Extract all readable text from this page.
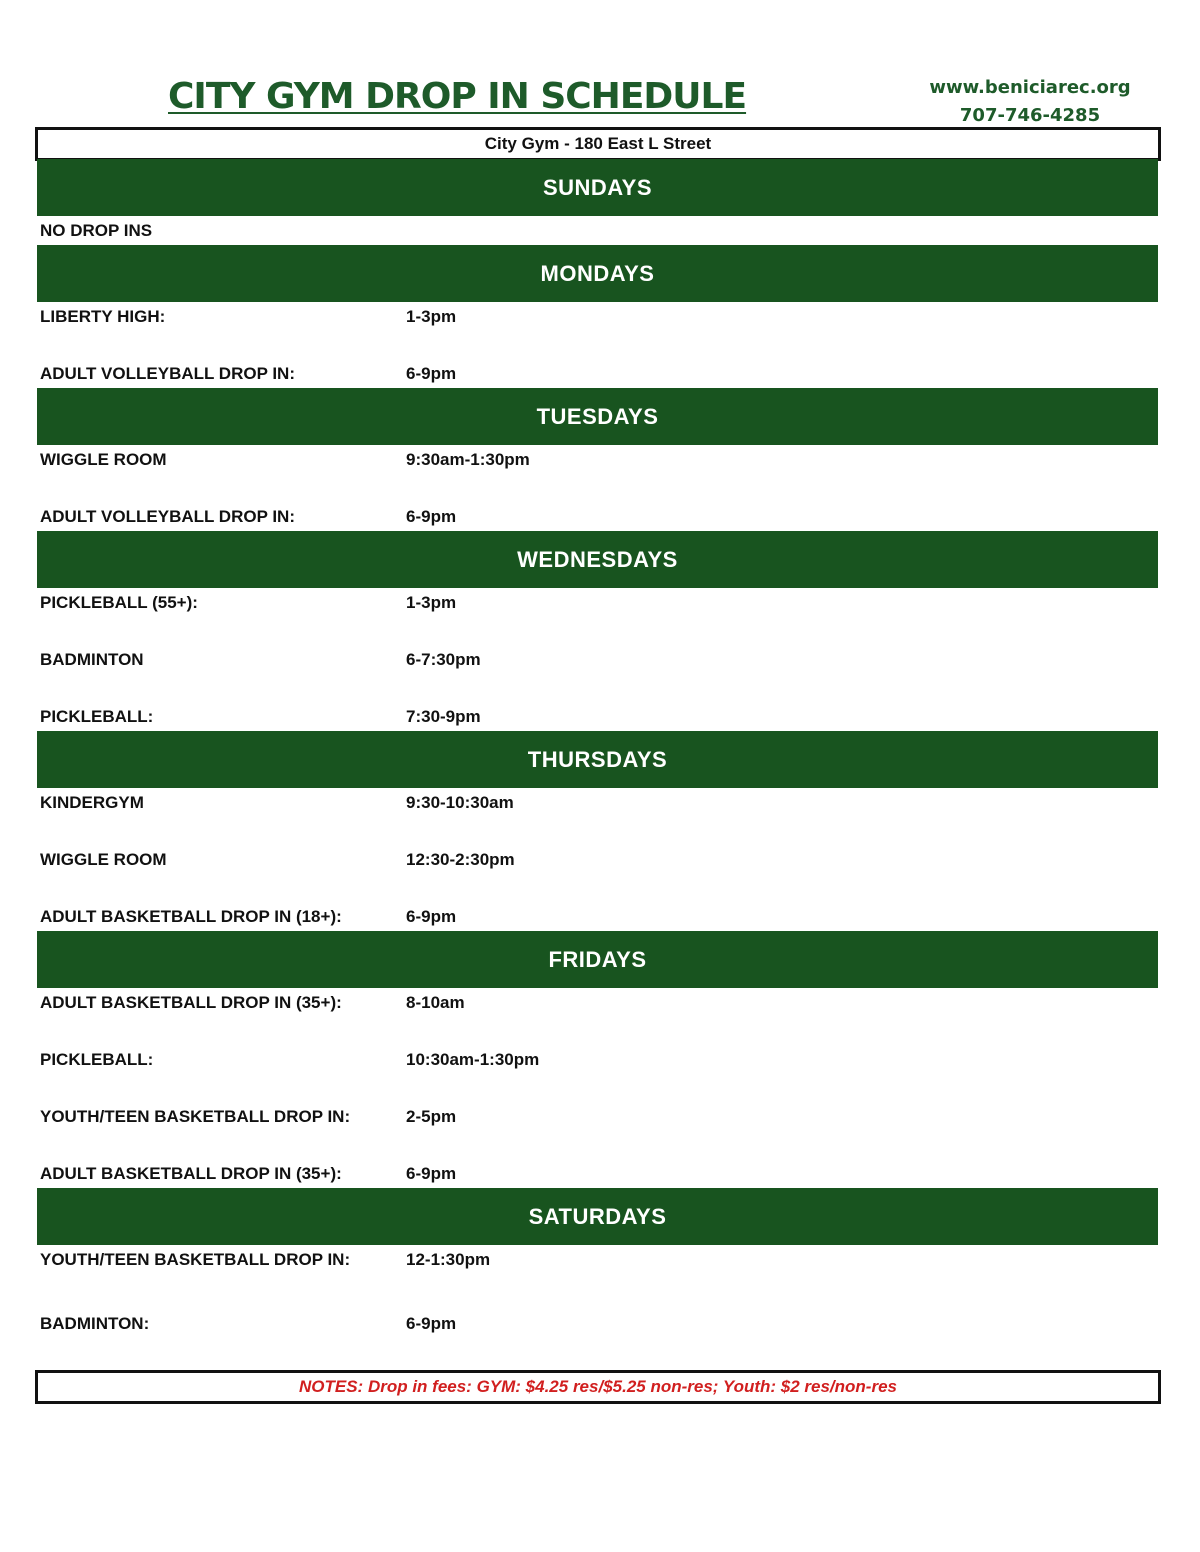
CITY GYM DROP IN SCHEDULE	www.beniciarec.org
707-746-4285
City Gym - 180 East L Street
SUNDAYS
NO DROP INS
MONDAYS
LIBERTY HIGH:	1-3pm
ADULT VOLLEYBALL DROP IN:	6-9pm
TUESDAYS
WIGGLE ROOM	9:30am-1:30pm
ADULT VOLLEYBALL DROP IN:	6-9pm
WEDNESDAYS
PICKLEBALL (55+):	1-3pm
BADMINTON	6-7:30pm
PICKLEBALL:	7:30-9pm
THURSDAYS
KINDERGYM	9:30-10:30am
WIGGLE ROOM	12:30-2:30pm
ADULT BASKETBALL DROP IN (18+):	6-9pm
FRIDAYS
ADULT BASKETBALL DROP IN (35+):	8-10am
PICKLEBALL:	10:30am-1:30pm
YOUTH/TEEN BASKETBALL DROP IN:	2-5pm
ADULT BASKETBALL DROP IN (35+):	6-9pm
SATURDAYS
YOUTH/TEEN BASKETBALL DROP IN:	12-1:30pm
BADMINTON:	6-9pm
NOTES: Drop in fees: GYM: $4.25 res/$5.25 non-res; Youth: $2 res/non-res
